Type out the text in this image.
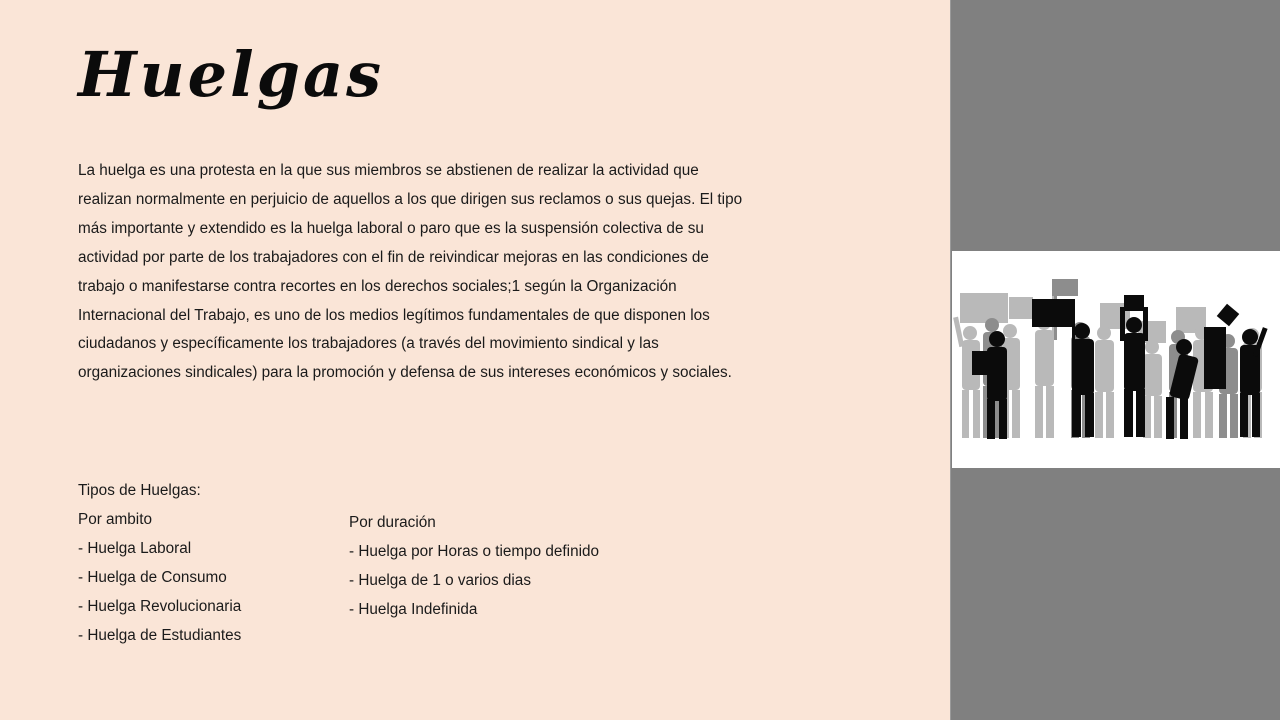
Huelgas

La huelga es una protesta en la que sus miembros se abstienen de realizar la actividad que realizan normalmente en perjuicio de aquellos a los que dirigen sus reclamos o sus quejas. El tipo más importante y extendido es la huelga laboral o paro que es la suspensión colectiva de su actividad por parte de los trabajadores con el fin de reivindicar mejoras en las condiciones de trabajo o manifestarse contra recortes en los derechos sociales;1 según la Organización Internacional del Trabajo, es uno de los medios legítimos fundamentales de que disponen los ciudadanos y específicamente los trabajadores (a través del movimiento sindical y las organizaciones sindicales) para la promoción y defensa de sus intereses económicos y sociales.

Tipos de Huelgas:
Por ambito
- Huelga Laboral
- Huelga de Consumo
- Huelga Revolucionaria
- Huelga de Estudiantes
Por duración
- Huelga por Horas o tiempo definido
- Huelga de 1 o varios dias
- Huelga Indefinida
